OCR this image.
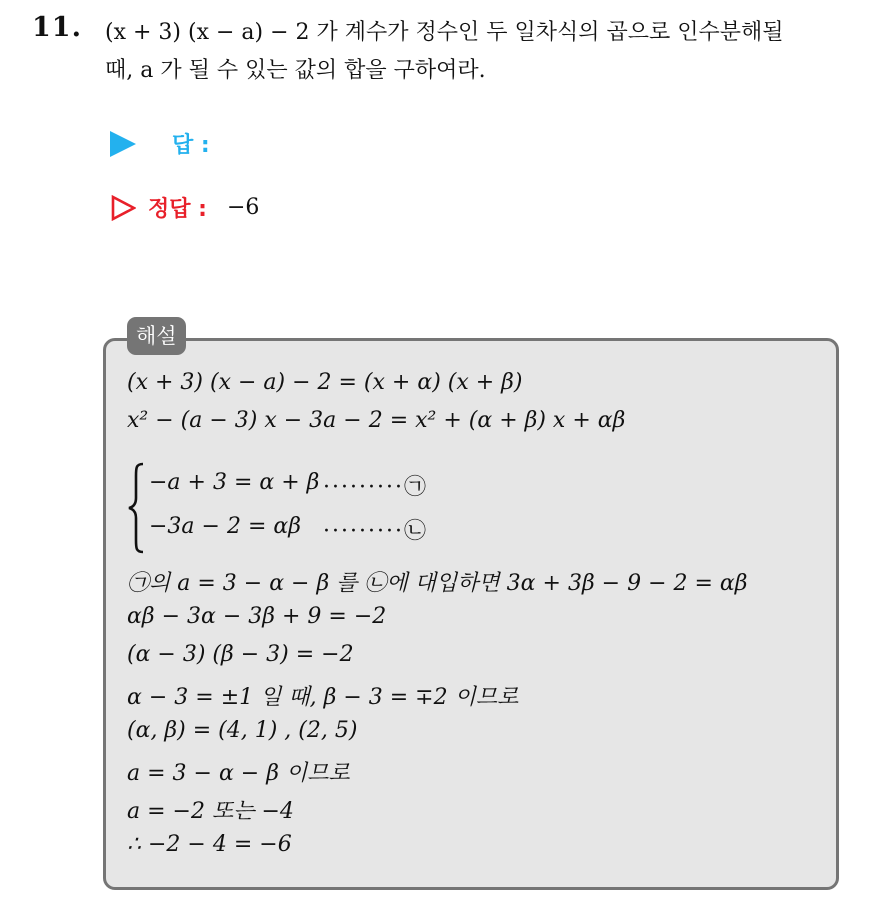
11. (x + 3) (x − a) − 2 가 계수가 정수인 두 일차식의 곱으로 인수분해될
때, a 가 될 수 있는 값의 합을 구하여라.
답 :
정답 : −6
해설
(x + 3) (x − a) − 2 = (x + α) (x + β)
x² − (a − 3) x − 3a − 2 = x² + (α + β) x + αβ
−a + 3 = α + β ·········㉠
−3a − 2 = αβ ·········㉡
㉠의 a = 3 − α − β 를 ㉡에 대입하면 3α + 3β − 9 − 2 = αβ
αβ − 3α − 3β + 9 = −2
(α − 3) (β − 3) = −2
α − 3 = ±1 일 때, β − 3 = ∓2 이므로
(α, β) = (4, 1) , (2, 5)
a = 3 − α − β 이므로
a = −2 또는 −4
∴ −2 − 4 = −6
